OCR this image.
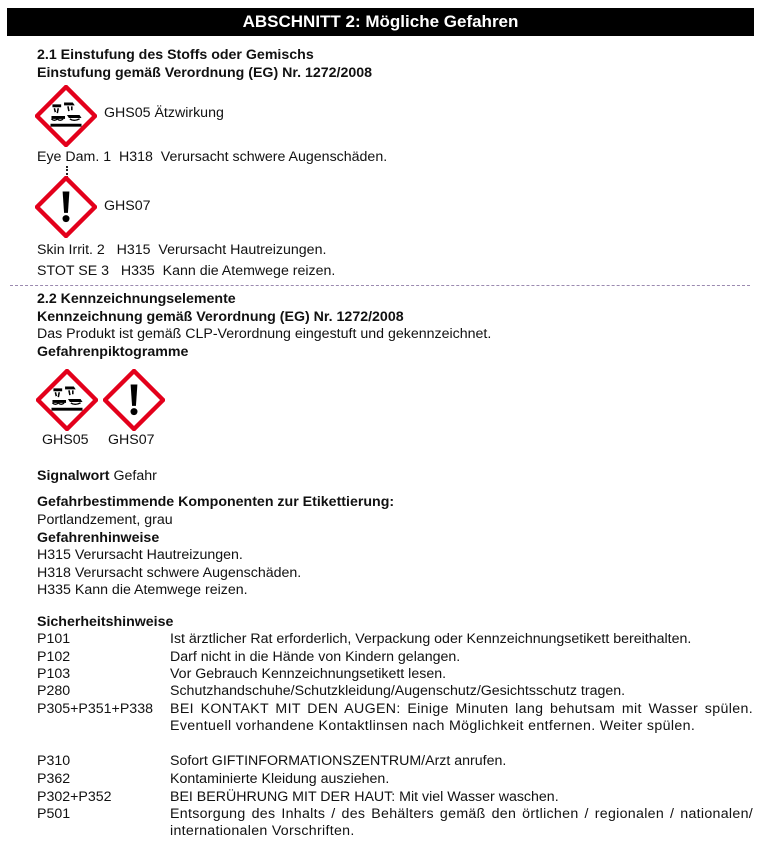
ABSCHNITT 2: Mögliche Gefahren
2.1 Einstufung des Stoffs oder Gemischs
Einstufung gemäß Verordnung (EG) Nr. 1272/2008
GHS05 Ätzwirkung
Eye Dam. 1  H318  Verursacht schwere Augenschäden.
GHS07
Skin Irrit. 2   H315  Verursacht Hautreizungen.
STOT SE 3   H335  Kann die Atemwege reizen.
2.2 Kennzeichnungselemente
Kennzeichnung gemäß Verordnung (EG) Nr. 1272/2008
Das Produkt ist gemäß CLP-Verordnung eingestuft und gekennzeichnet.
Gefahrenpiktogramme
GHS05 GHS07
Signalwort Gefahr
Gefahrbestimmende Komponenten zur Etikettierung:
Portlandzement, grau
Gefahrenhinweise
H315 Verursacht Hautreizungen.
H318 Verursacht schwere Augenschäden.
H335 Kann die Atemwege reizen.
Sicherheitshinweise
P101	Ist ärztlicher Rat erforderlich, Verpackung oder Kennzeichnungsetikett bereithalten.
P102	Darf nicht in die Hände von Kindern gelangen.
P103	Vor Gebrauch Kennzeichnungsetikett lesen.
P280	Schutzhandschuhe/Schutzkleidung/Augenschutz/Gesichtsschutz tragen.
P305+P351+P338 BEI KONTAKT MIT DEN AUGEN: Einige Minuten lang behutsam mit Wasser spülen. Eventuell vorhandene Kontaktlinsen nach Möglichkeit entfernen. Weiter spülen.
P310	Sofort GIFTINFORMATIONSZENTRUM/Arzt anrufen.
P362	Kontaminierte Kleidung ausziehen.
P302+P352	BEI BERÜHRUNG MIT DER HAUT: Mit viel Wasser waschen.
P501	Entsorgung des Inhalts / des Behälters gemäß den örtlichen / regionalen / nationalen/ internationalen Vorschriften.
